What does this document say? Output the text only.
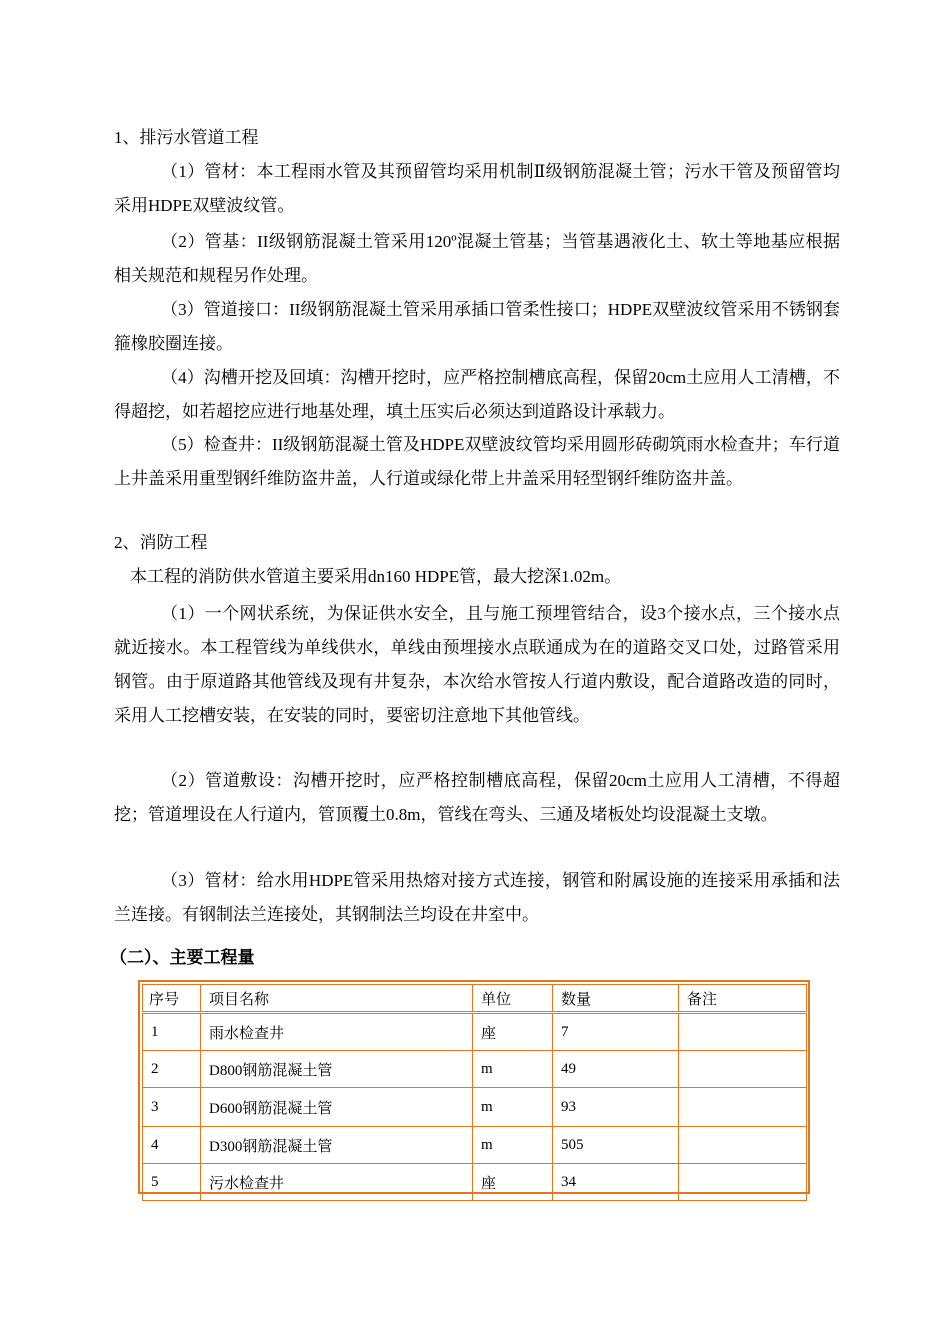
1、排污水管道工程
（1）管材：本工程雨水管及其预留管均采用机制Ⅱ级钢筋混凝土管；污水干管及预留管均采用HDPE双壁波纹管。
（2）管基：II级钢筋混凝土管采用120º混凝土管基；当管基遇液化土、软土等地基应根据相关规范和规程另作处理。
（3）管道接口：II级钢筋混凝土管采用承插口管柔性接口；HDPE双壁波纹管采用不锈钢套箍橡胶圈连接。
（4）沟槽开挖及回填：沟槽开挖时，应严格控制槽底高程，保留20cm土应用人工清槽，不得超挖，如若超挖应进行地基处理，填土压实后必须达到道路设计承载力。
（5）检查井：II级钢筋混凝土管及HDPE双壁波纹管均采用圆形砖砌筑雨水检查井；车行道上井盖采用重型钢纤维防盗井盖，人行道或绿化带上井盖采用轻型钢纤维防盗井盖。
2、消防工程
本工程的消防供水管道主要采用dn160 HDPE管，最大挖深1.02m。
（1）一个网状系统，为保证供水安全，且与施工预埋管结合，设3个接水点，三个接水点就近接水。本工程管线为单线供水，单线由预埋接水点联通成为在的道路交叉口处，过路管采用钢管。由于原道路其他管线及现有井复杂，本次给水管按人行道内敷设，配合道路改造的同时，采用人工挖槽安装，在安装的同时，要密切注意地下其他管线。
（2）管道敷设：沟槽开挖时，应严格控制槽底高程，保留20cm土应用人工清槽，不得超挖；管道埋设在人行道内，管顶覆土0.8m，管线在弯头、三通及堵板处均设混凝土支墩。
（3）管材：给水用HDPE管采用热熔对接方式连接，钢管和附属设施的连接采用承插和法兰连接。有钢制法兰连接处，其钢制法兰均设在井室中。
（二）、主要工程量
序号	项目名称	单位	数量	备注
1	雨水检查井	座	7	
2	D800钢筋混凝土管	m	49	
3	D600钢筋混凝土管	m	93	
4	D300钢筋混凝土管	m	505	
5	污水检查井	座	34	
